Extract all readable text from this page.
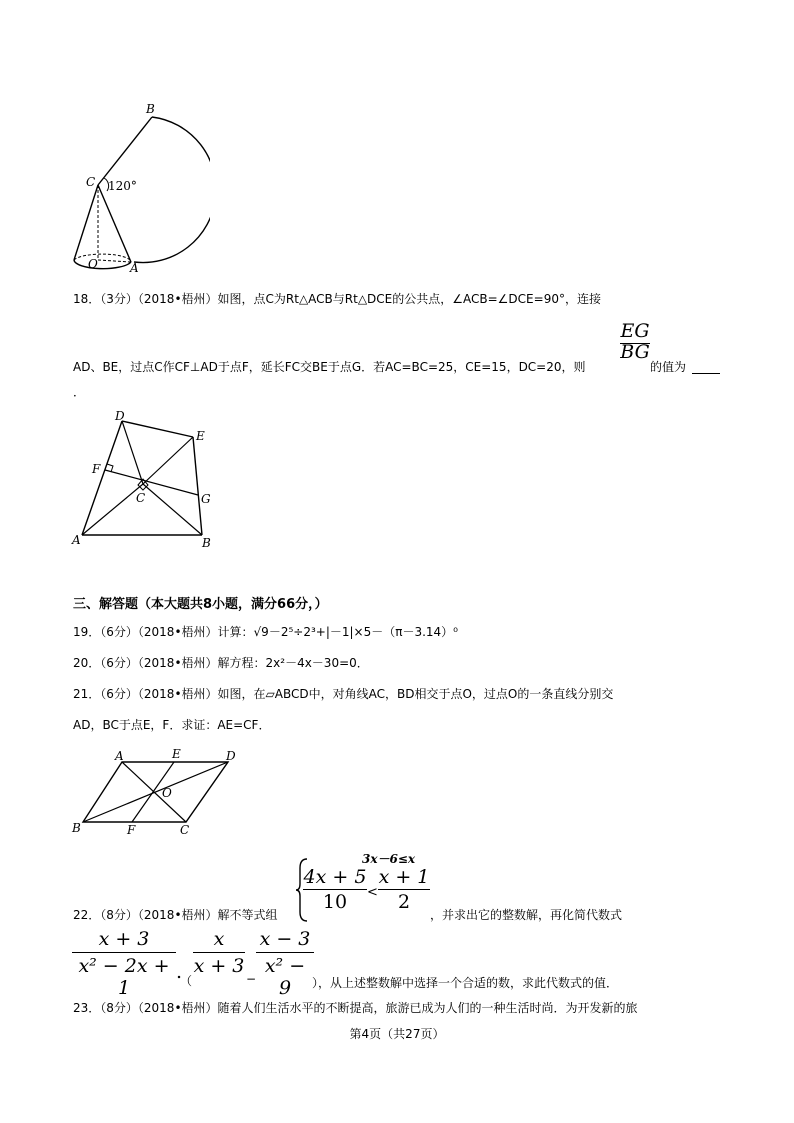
B
C 120°
O	A
18．（3分）（2018•梧州）如图，点C为Rt△ACB与Rt△DCE的公共点，∠ACB=∠DCE=90°，连接
EG
BG
AD、BE，过点C作CF⊥AD于点F，延长FC交BE于点G．若AC=BC=25，CE=15，DC=20，则	的值为
．
D
F
E
C	G
A	B
三、解答题（本大题共8小题，满分66分，）
19．（6分）（2018•梧州）计算：√9－2⁵÷2³+|－1|×5－（π－3.14）⁰
20．（6分）（2018•梧州）解方程：2x²－4x－30=0．
21．（6分）（2018•梧州）如图，在▱ABCD中，对角线AC，BD相交于点O，过点O的一条直线分别交
AD，BC于点E，F．求证：AE=CF．
A	E	D
O
B	F	C
3x－6≤x
4x + 5
10	<
x + 1
2
22．（8分）（2018•梧州）解不等式组	，并求出它的整数解，再化简代数式
x + 3
x² − 2x + 1
.
（
x
x + 3
−
x − 3
x² − 9	），从上述整数解中选择一个合适的数，求此代数式的值．
23．（8分）（2018•梧州）随着人们生活水平的不断提高，旅游已成为人们的一种生活时尚．为开发新的旅
第4页（共27页）
